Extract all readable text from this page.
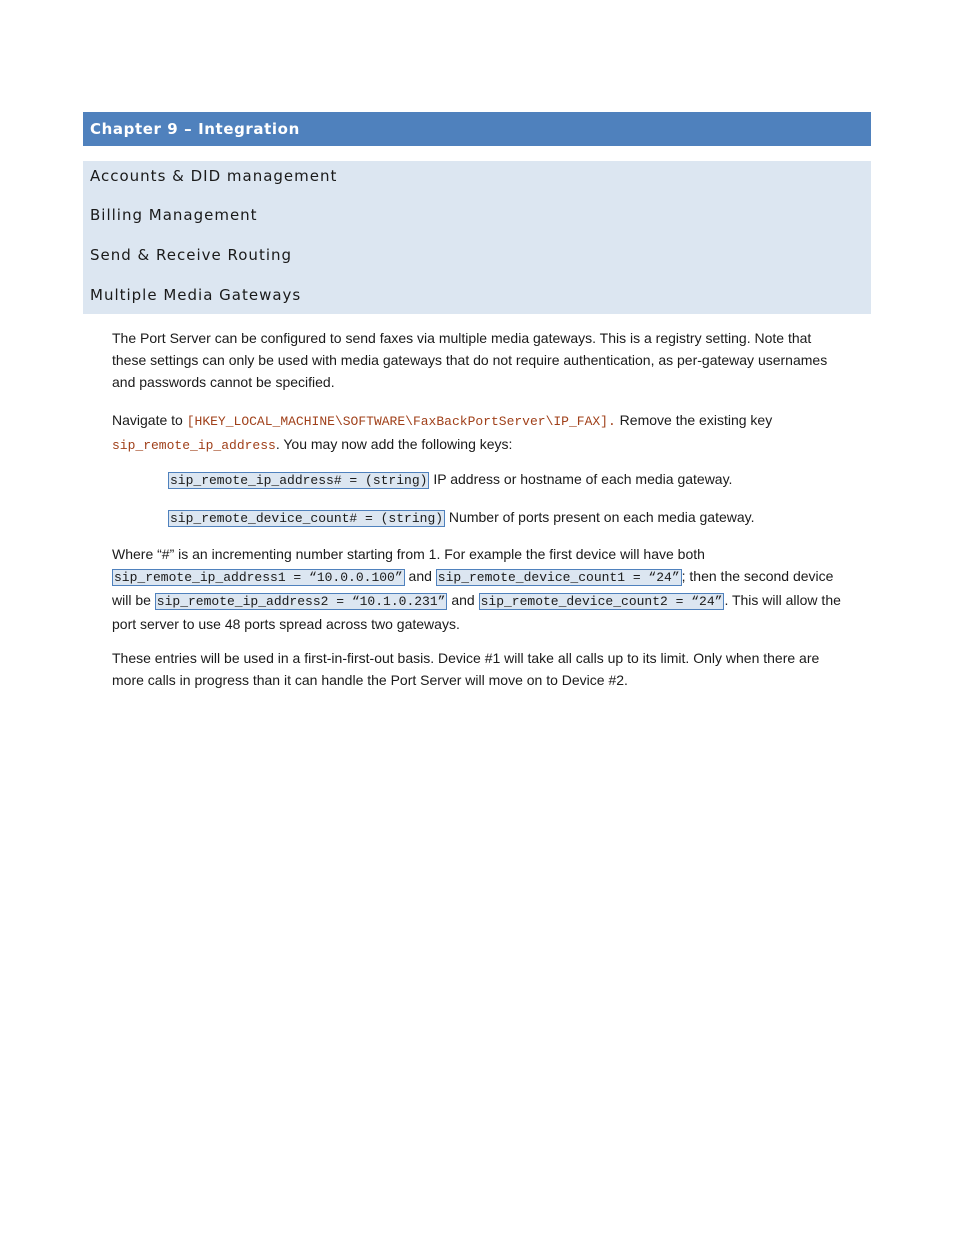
Chapter 9 – Integration
Accounts & DID management
Billing Management
Send & Receive Routing
Multiple Media Gateways

The Port Server can be configured to send faxes via multiple media gateways. This is a registry setting. Note that these settings can only be used with media gateways that do not require authentication, as per-gateway usernames and passwords cannot be specified.

Navigate to [HKEY_LOCAL_MACHINE\SOFTWARE\FaxBackPortServer\IP_FAX]. Remove the existing key sip_remote_ip_address. You may now add the following keys:

sip_remote_ip_address# = (string) IP address or hostname of each media gateway.

sip_remote_device_count# = (string) Number of ports present on each media gateway.

Where “#” is an incrementing number starting from 1. For example the first device will have both
sip_remote_ip_address1 = “10.0.0.100” and sip_remote_device_count1 = “24” ; then the second device will be sip_remote_ip_address2 = “10.1.0.231” and sip_remote_device_count2 = “24” . This will allow the port server to use 48 ports spread across two gateways.

These entries will be used in a first-in-first-out basis. Device #1 will take all calls up to its limit. Only when there are more calls in progress than it can handle the Port Server will move on to Device #2.
